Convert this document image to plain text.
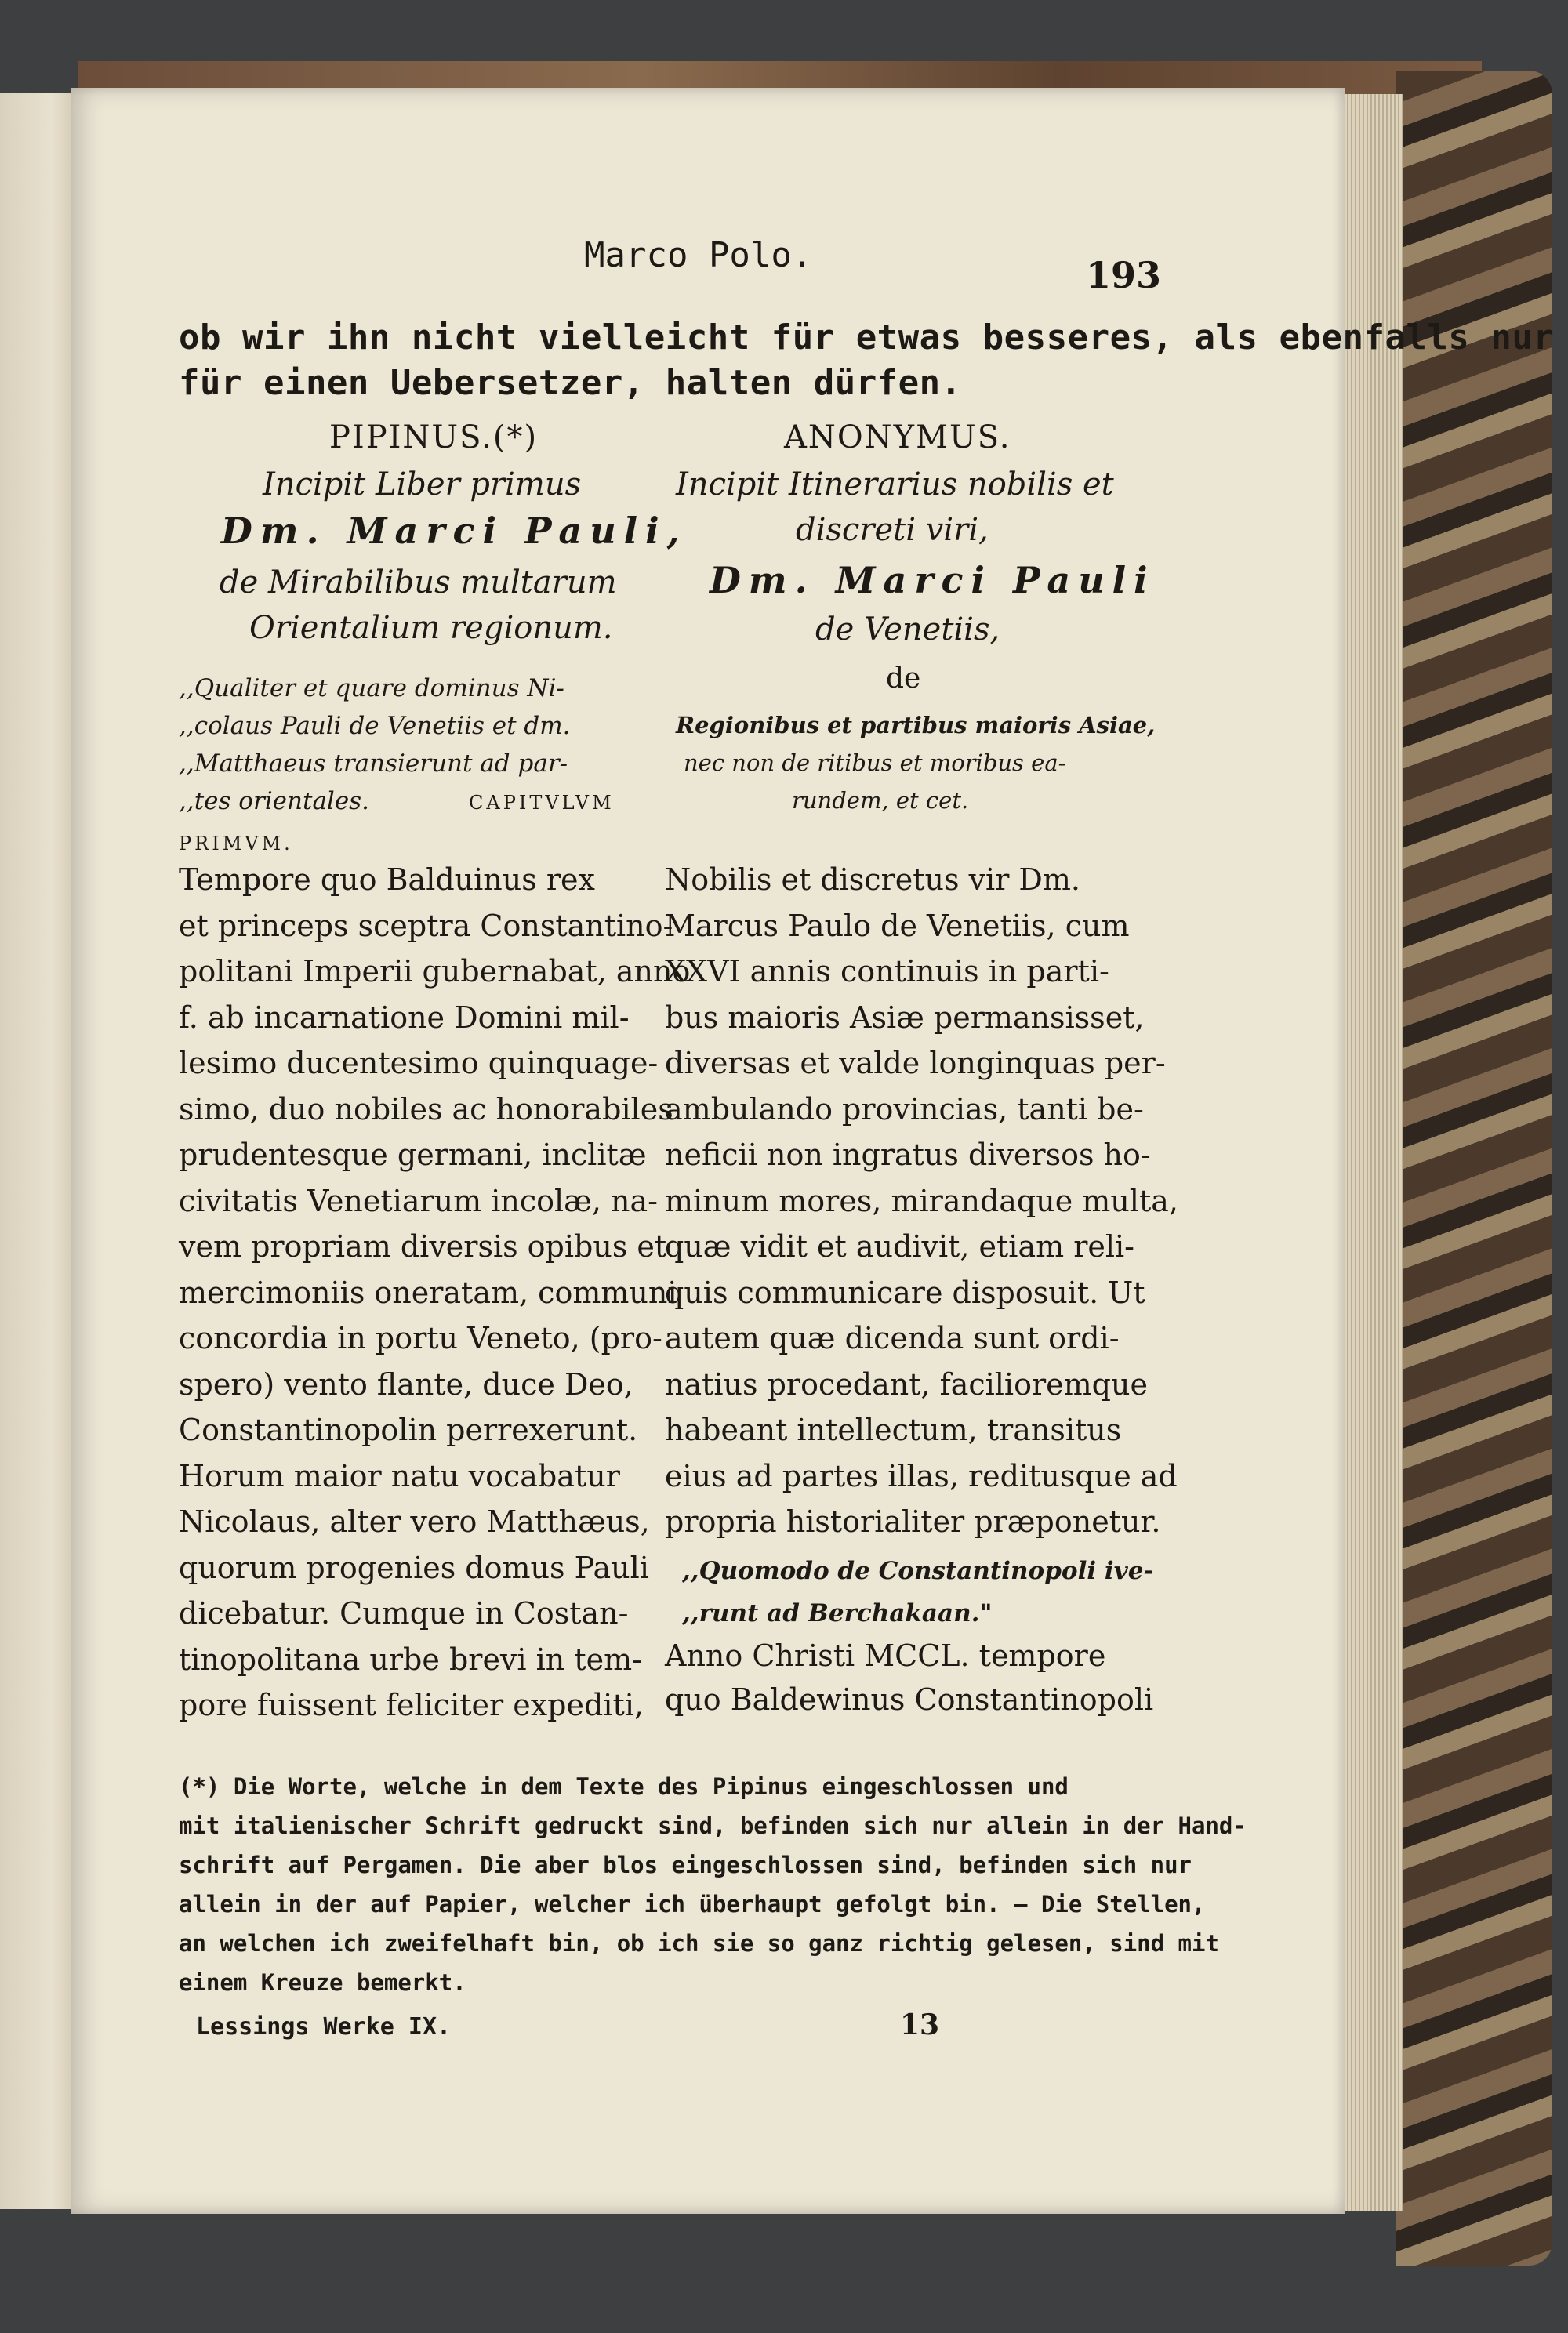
Marco Polo.	193
ob wir ihn nicht vielleicht für etwas besseres, als ebenfalls nur
für einen Uebersetzer, halten dürfen.
PIPINUS.(*)
Incipit Liber primus
Dm. Marci Pauli,
de Mirabilibus multarum
Orientalium regionum.
,,Qualiter et quare dominus Ni-
,,colaus Pauli de Venetiis et dm.
,,Matthaeus transierunt ad par-
,,tes orientales.	CAPITVLVM
PRIMVM.
Tempore quo Balduinus rex
et princeps sceptra Constantino-
politani Imperii gubernabat, anno
f. ab incarnatione Domini mil-
lesimo ducentesimo quinquage-
simo, duo nobiles ac honorabiles
prudentesque germani, inclitæ
civitatis Venetiarum incolæ, na-
vem propriam diversis opibus et
mercimoniis oneratam, communi
concordia in portu Veneto, (pro-
spero) vento flante, duce Deo,
Constantinopolin perrexerunt.
Horum maior natu vocabatur
Nicolaus, alter vero Matthæus,
quorum progenies domus Pauli
dicebatur. Cumque in Costan-
tinopolitana urbe brevi in tem-
pore fuissent feliciter expediti,
ANONYMUS.
Incipit Itinerarius nobilis et
discreti viri,
Dm. Marci Pauli
de Venetiis,
de
Regionibus et partibus maioris Asiae,
nec non de ritibus et moribus ea-
rundem, et cet.
Nobilis et discretus vir Dm.
Marcus Paulo de Venetiis, cum
XXVI annis continuis in parti-
bus maioris Asiæ permansisset,
diversas et valde longinquas per-
ambulando provincias, tanti be-
neficii non ingratus diversos ho-
minum mores, mirandaque multa,
quæ vidit et audivit, etiam reli-
quis communicare disposuit. Ut
autem quæ dicenda sunt ordi-
natius procedant, faciliоremque
habeant intellectum, transitus
eius ad partes illas, reditusque ad
propria historialiter præponetur.
,,Quomodo de Constantinopoli ive-
,,runt ad Berchakaan."
Anno Christi MCCL. tempore
quo Baldewinus Constantinopoli
(*) Die Worte, welche in dem Texte des Pipinus eingeschlossen und
mit italienischer Schrift gedruckt sind, befinden sich nur allein in der Hand-
schrift auf Pergamen. Die aber blos eingeschlossen sind, befinden sich nur
allein in der auf Papier, welcher ich überhaupt gefolgt bin. — Die Stellen,
an welchen ich zweifelhaft bin, ob ich sie so ganz richtig gelesen, sind mit
einem Kreuze bemerkt.
Lessings Werke IX.	13
